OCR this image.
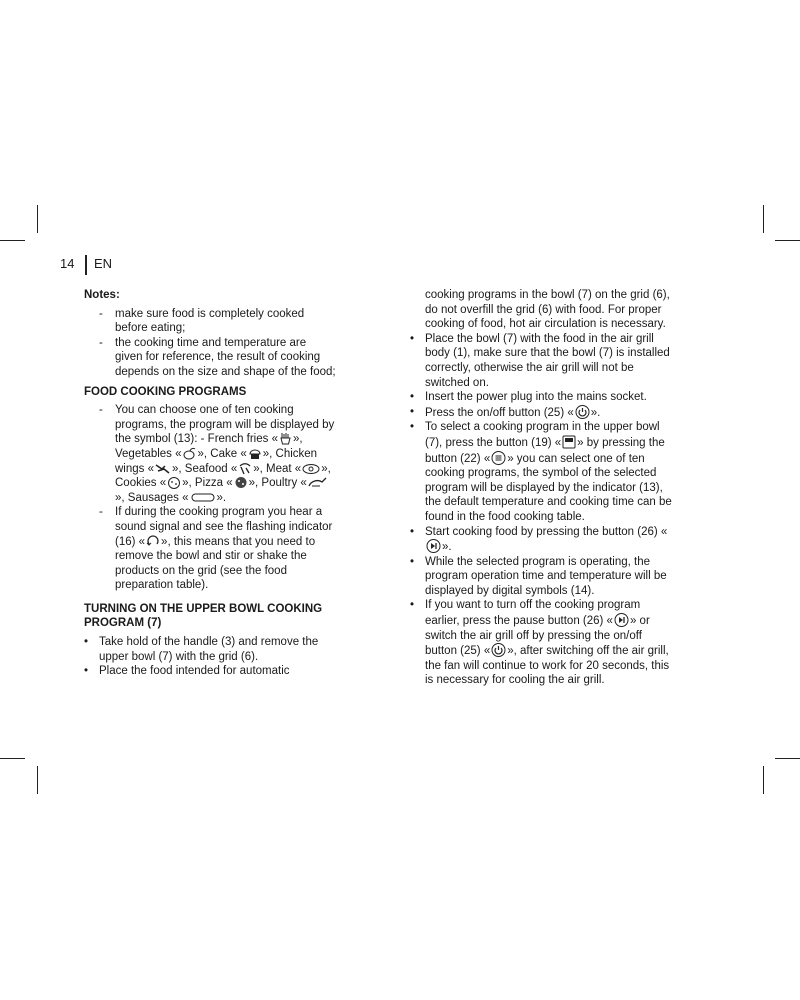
14 EN

Notes:

- make sure food is completely cooked before eating;
- the cooking time and temperature are given for reference, the result of cooking depends on the size and shape of the food;

FOOD COOKING PROGRAMS

- You can choose one of ten cooking programs, the program will be displayed by the symbol (13): - French fries « », Vegetables « », Cake « », Chicken wings « », Seafood « », Meat « », Cookies « », Pizza « », Poultry «
», Sausages « ».
- If during the cooking program you hear a sound signal and see the flashing indicator (16) « », this means that you need to remove the bowl and stir or shake the products on the grid (see the food preparation table).

TURNING ON THE UPPER BOWL COOKING PROGRAM (7)

• Take hold of the handle (3) and remove the upper bowl (7) with the grid (6).
• Place the food intended for automatic

cooking programs in the bowl (7) on the grid (6), do not overfill the grid (6) with food. For proper cooking of food, hot air circulation is necessary.

• Place the bowl (7) with the food in the air grill body (1), make sure that the bowl (7) is installed correctly, otherwise the air grill will not be switched on.
• Insert the power plug into the mains socket.
• Press the on/off button (25) « ».
• To select a cooking program in the upper bowl (7), press the button (19) « » by pressing the button (22) « » you can select one of ten cooking programs, the symbol of the selected program will be displayed by the indicator (13), the default temperature and cooking time can be found in the food cooking table.
• Start cooking food by pressing the button (26) «
».
• While the selected program is operating, the program operation time and temperature will be displayed by digital symbols (14).
• If you want to turn off the cooking program earlier, press the pause button (26) « » or switch the air grill off by pressing the on/off button (25) « », after switching off the air grill, the fan will continue to work for 20 seconds, this is necessary for cooling the air grill.
